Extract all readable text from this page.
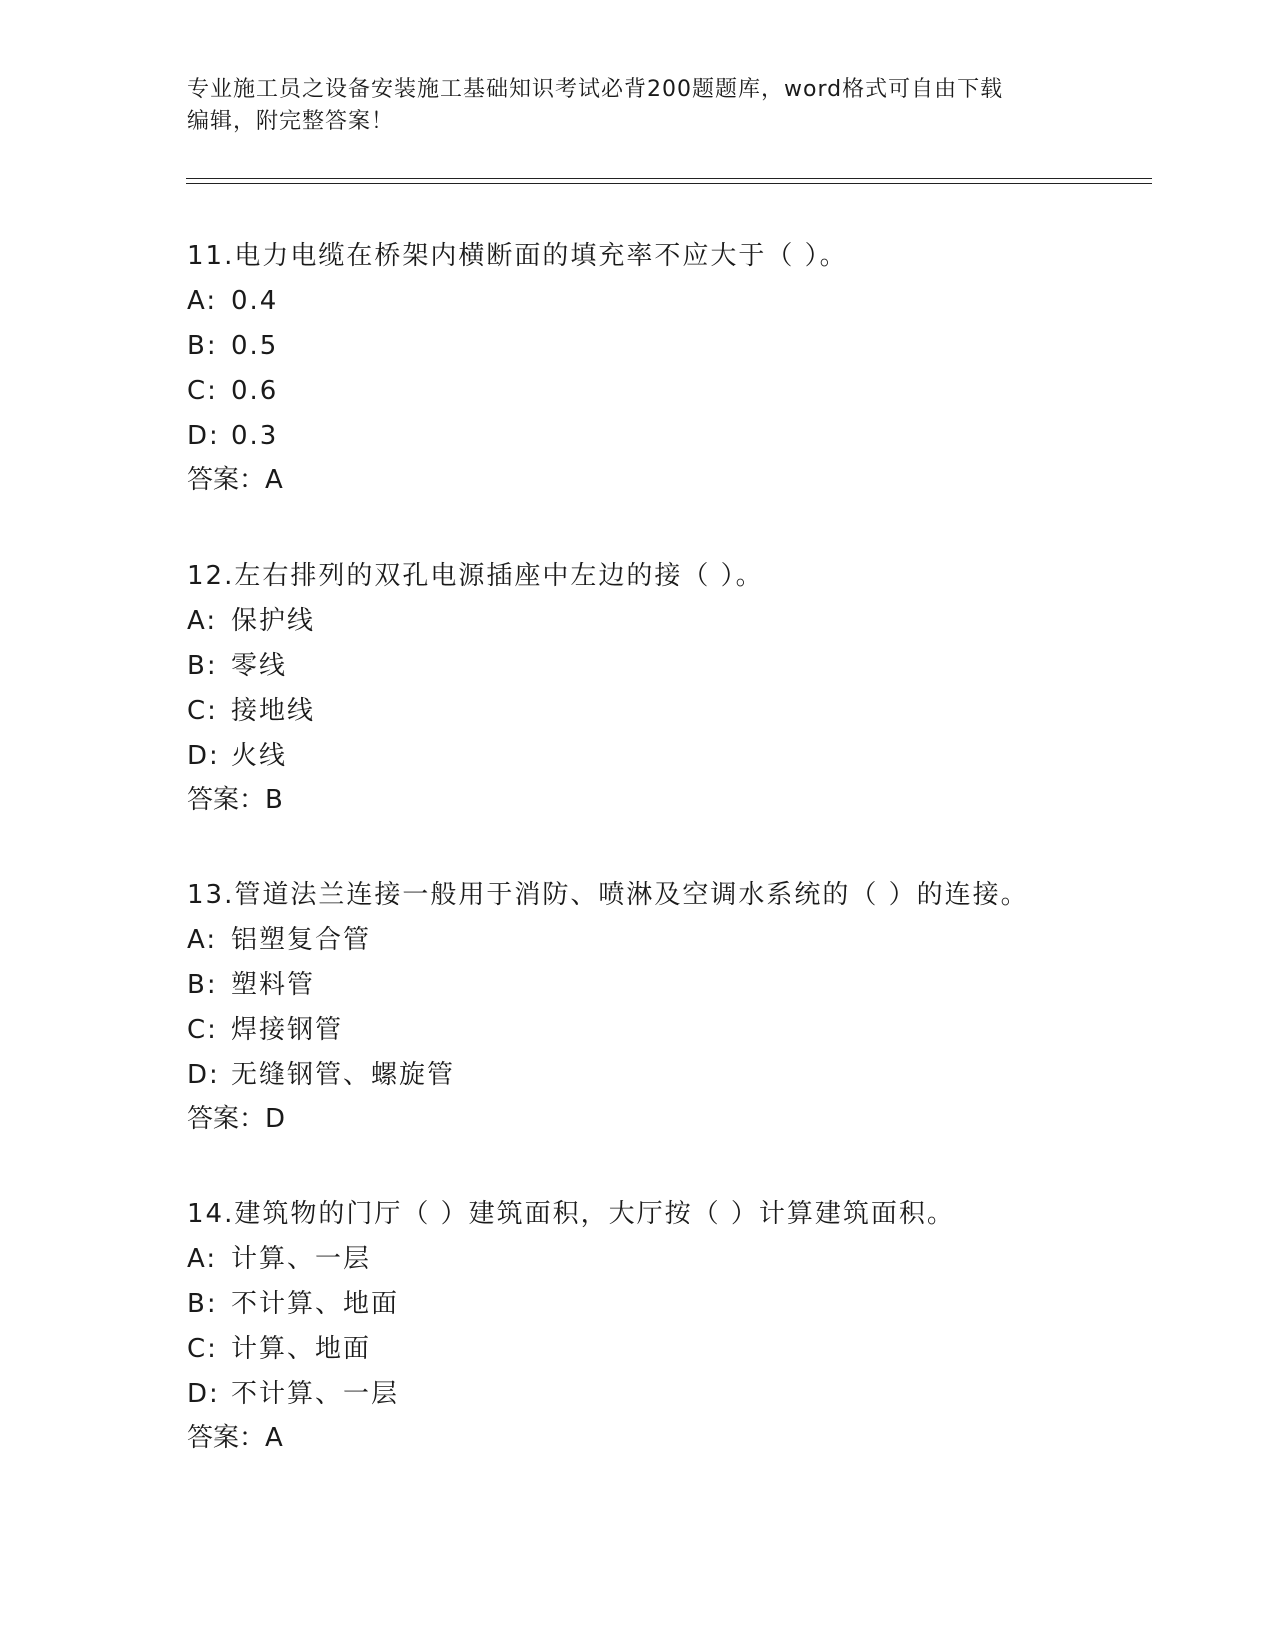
专业施工员之设备安装施工基础知识考试必背200题题库，word格式可自由下载
编辑，附完整答案！
11.电力电缆在桥架内横断面的填充率不应大于（ ）。
A: 0.4
B: 0.5
C: 0.6
D: 0.3
答案：A
12.左右排列的双孔电源插座中左边的接（ ）。
A: 保护线
B: 零线
C: 接地线
D: 火线
答案：B
13.管道法兰连接一般用于消防、喷淋及空调水系统的（ ）的连接。
A: 铝塑复合管
B: 塑料管
C: 焊接钢管
D: 无缝钢管、螺旋管
答案：D
14.建筑物的门厅（ ）建筑面积，大厅按（ ）计算建筑面积。
A: 计算、一层
B: 不计算、地面
C: 计算、地面
D: 不计算、一层
答案：A
